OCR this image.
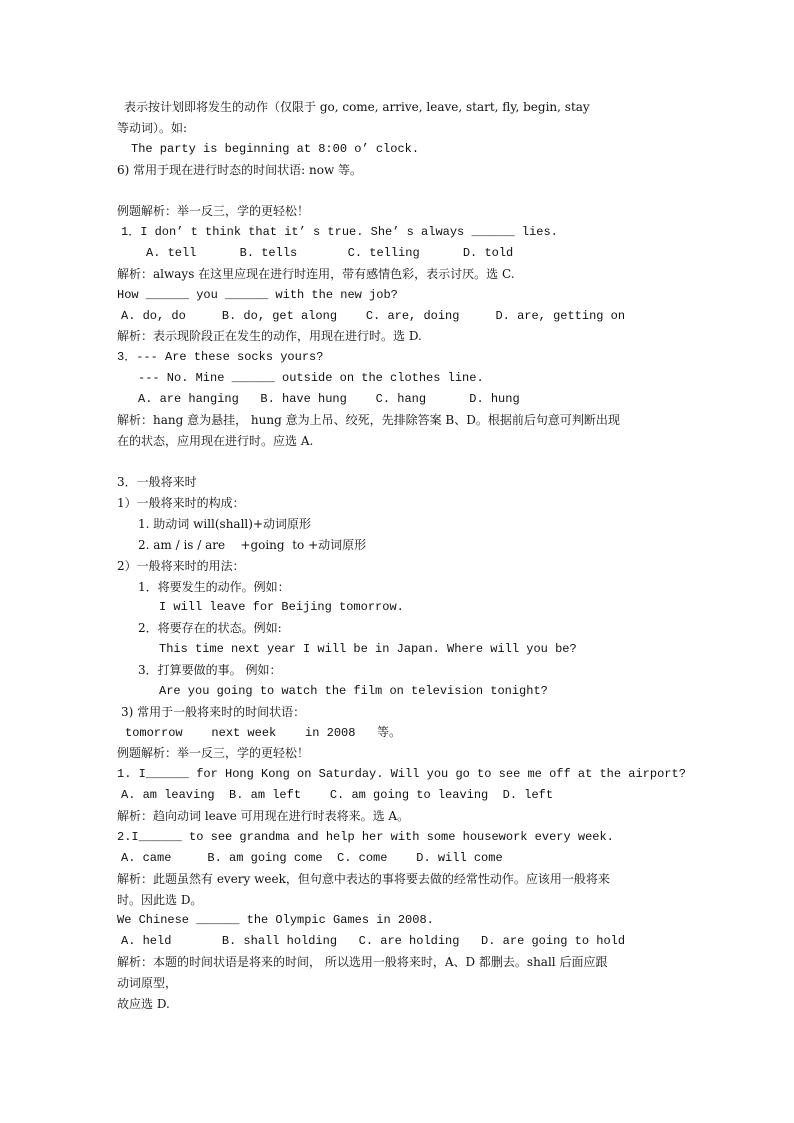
表示按计划即将发生的动作（仅限于 go, come, arrive, leave, start, fly, begin, stay
等动词）。如:
The party is beginning at 8:00 o’ clock.
6) 常用于现在进行时态的时间状语: now 等。
例题解析：举一反三，学的更轻松！
1．I don’ t think that it’ s true. She’ s always ______ lies.
A. tell      B. tells       C. telling      D. told
解析：always 在这里应现在进行时连用，带有感情色彩，表示讨厌。选 C.
How ______ you ______ with the new job?
A. do, do     B. do, get along    C. are, doing     D. are, getting on
解析：表示现阶段正在发生的动作，用现在进行时。选 D.
3．--- Are these socks yours?
--- No. Mine ______ outside on the clothes line.
A. are hanging   B. have hung    C. hang      D. hung
解析：hang 意为悬挂， hung 意为上吊、绞死，先排除答案 B、D。根据前后句意可判断出现
在的状态，应用现在进行时。应选 A.
3．一般将来时
1）一般将来时的构成：
1. 助动词 will(shall)+动词原形
2. am / is / are    +going  to +动词原形
2）一般将来时的用法：
1．将要发生的动作。例如：
I will leave for Beijing tomorrow.
2．将要存在的状态。例如:
This time next year I will be in Japan. Where will you be?
3．打算要做的事。 例如：
Are you going to watch the film on television tonight?
3) 常用于一般将来时的时间状语：
tomorrow    next week    in 2008   等。
例题解析：举一反三，学的更轻松！
1. I______ for Hong Kong on Saturday. Will you go to see me off at the airport?
A. am leaving  B. am left    C. am going to leaving  D. left
解析：趋向动词 leave 可用现在进行时表将来。选 A。
2.I______ to see grandma and help her with some housework every week.
A. came     B. am going come  C. come    D. will come
解析：此题虽然有 every week，但句意中表达的事将要去做的经常性动作。应该用一般将来
时。因此选 D。
We Chinese ______ the Olympic Games in 2008.
A. held       B. shall holding   C. are holding   D. are going to hold
解析：本题的时间状语是将来的时间， 所以选用一般将来时，A、D 都删去。shall 后面应跟
动词原型，
故应选 D.
